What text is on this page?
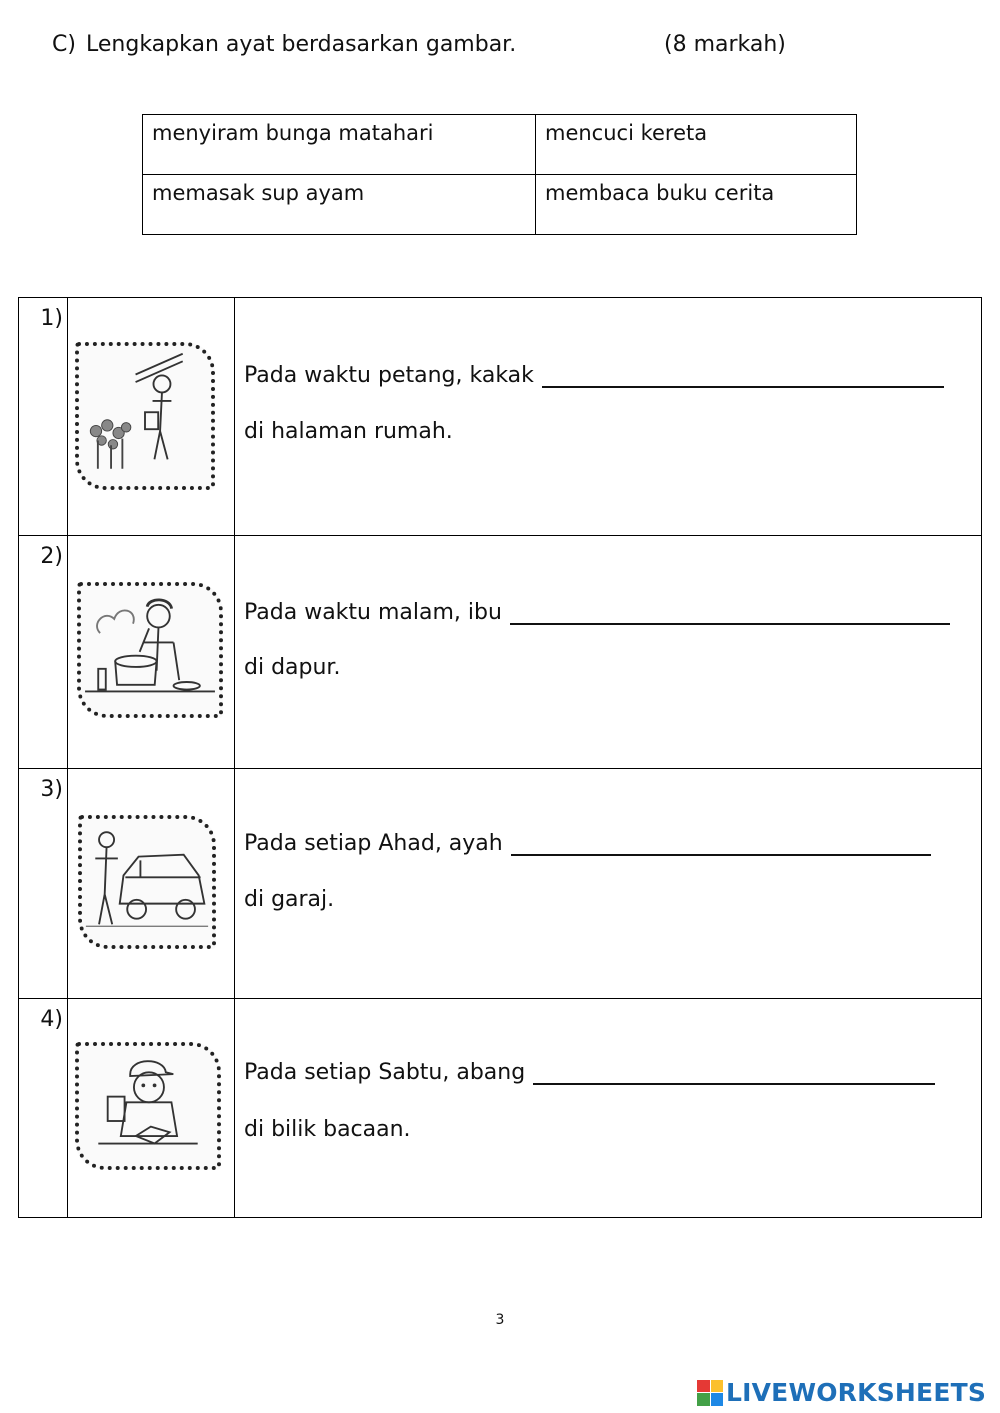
C) Lengkapkan ayat berdasarkan gambar.	(8 markah)
menyiram bunga matahari	mencuci kereta
memasak sup ayam	membaca buku cerita
1)		Pada waktu petang, kakak
di halaman rumah.

2)		Pada waktu malam, ibu
di dapur.

3)		Pada setiap Ahad, ayah
di garaj.

4)		Pada setiap Sabtu, abang
di bilik bacaan.
3
LIVEWORKSHEETS
